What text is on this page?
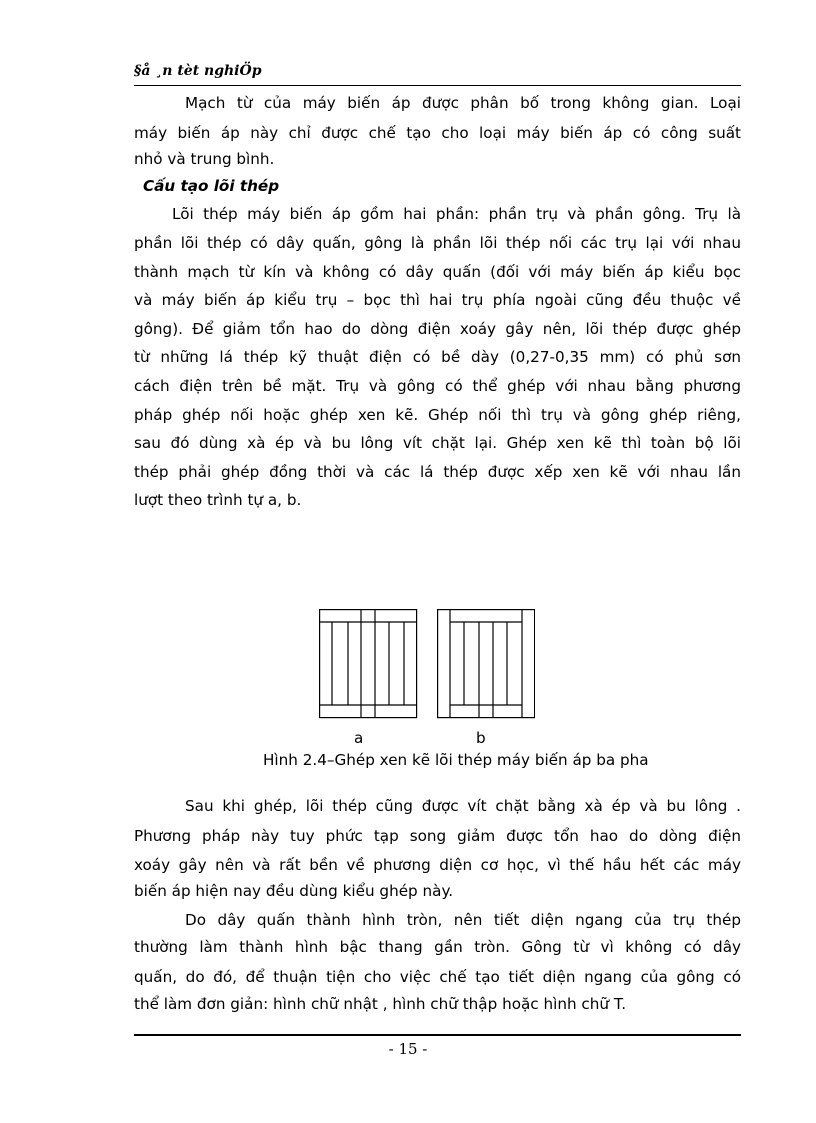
§å ¸n tèt nghiÖp
Mạch từ của máy biến áp được phân bố trong không gian. Loại
máy biến áp này chỉ được chế tạo cho loại máy biến áp có công suất
nhỏ và trung bình.
Cấu tạo lõi thép
Lõi thép máy biến áp gồm hai phần: phần trụ và phần gông. Trụ là
phần lõi thép có dây quấn, gông là phần lõi thép nối các trụ lại với nhau
thành mạch từ kín và không có dây quấn (đối với máy biến áp kiểu bọc
và máy biến áp kiểu trụ – bọc thì hai trụ phía ngoài cũng đều thuộc về
gông). Để giảm tổn hao do dòng điện xoáy gây nên, lõi thép được ghép
từ những lá thép kỹ thuật điện có bề dày (0,27-0,35 mm) có phủ sơn
cách điện trên bề mặt. Trụ và gông có thể ghép với nhau bằng phương
pháp ghép nối hoặc ghép xen kẽ. Ghép nối thì trụ và gông ghép riêng,
sau đó dùng xà ép và bu lông vít chặt lại. Ghép xen kẽ thì toàn bộ lõi
thép phải ghép đồng thời và các lá thép được xếp xen kẽ với nhau lần
lượt theo trình tự a, b.
a	b
Hình 2.4–Ghép xen kẽ lõi thép máy biến áp ba pha
Sau khi ghép, lõi thép cũng được vít chặt bằng xà ép và bu lông .
Phương pháp này tuy phức tạp song giảm được tổn hao do dòng điện
xoáy gây nên và rất bền về phương diện cơ học, vì thế hầu hết các máy
biến áp hiện nay đều dùng kiểu ghép này.
Do dây quấn thành hình tròn, nên tiết diện ngang của trụ thép
thường làm thành hình bậc thang gần tròn. Gông từ vì không có dây
quấn, do đó, để thuận tiện cho việc chế tạo tiết diện ngang của gông có
thể làm đơn giản: hình chữ nhật , hình chữ thập hoặc hình chữ T.
- 15 -
